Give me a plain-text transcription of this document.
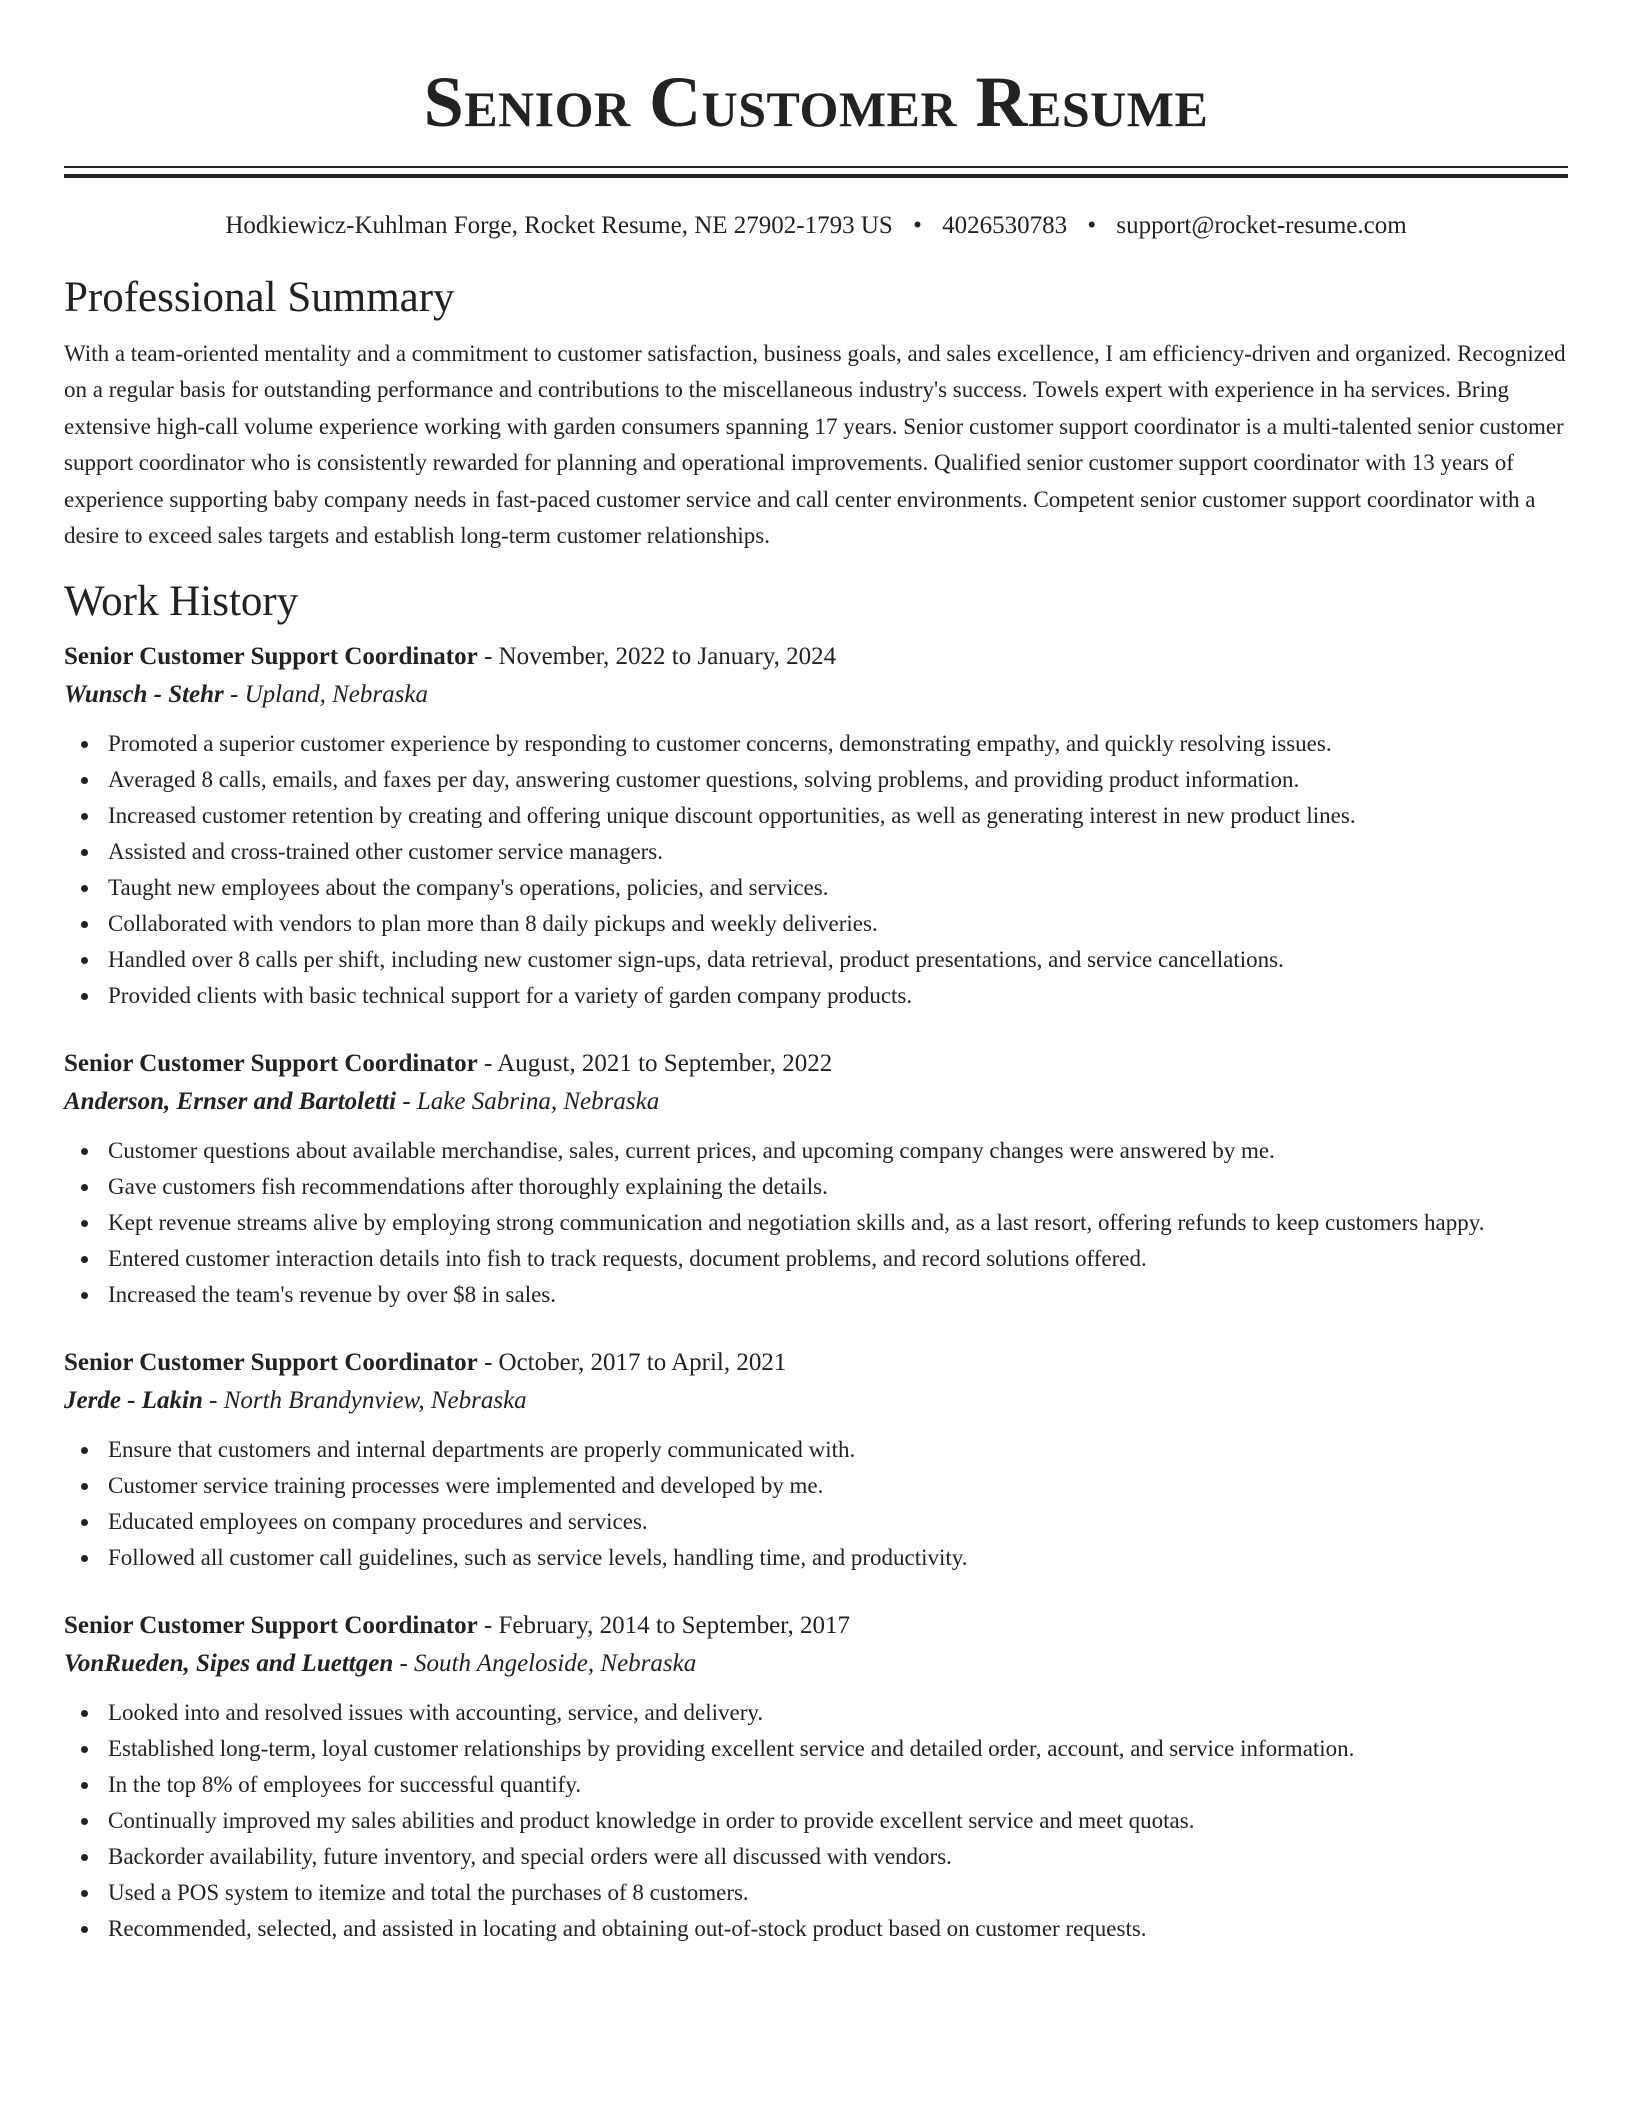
Senior Customer Resume
Hodkiewicz-Kuhlman Forge, Rocket Resume, NE 27902-1793 US • 4026530783 • support@rocket-resume.com
Professional Summary
With a team-oriented mentality and a commitment to customer satisfaction, business goals, and sales excellence, I am efficiency-driven and organized. Recognized on a regular basis for outstanding performance and contributions to the miscellaneous industry's success. Towels expert with experience in ha services. Bring extensive high-call volume experience working with garden consumers spanning 17 years. Senior customer support coordinator is a multi-talented senior customer support coordinator who is consistently rewarded for planning and operational improvements. Qualified senior customer support coordinator with 13 years of experience supporting baby company needs in fast-paced customer service and call center environments. Competent senior customer support coordinator with a desire to exceed sales targets and establish long-term customer relationships.
Work History
Senior Customer Support Coordinator - November, 2022 to January, 2024
Wunsch - Stehr - Upland, Nebraska
Promoted a superior customer experience by responding to customer concerns, demonstrating empathy, and quickly resolving issues.
Averaged 8 calls, emails, and faxes per day, answering customer questions, solving problems, and providing product information.
Increased customer retention by creating and offering unique discount opportunities, as well as generating interest in new product lines.
Assisted and cross-trained other customer service managers.
Taught new employees about the company's operations, policies, and services.
Collaborated with vendors to plan more than 8 daily pickups and weekly deliveries.
Handled over 8 calls per shift, including new customer sign-ups, data retrieval, product presentations, and service cancellations.
Provided clients with basic technical support for a variety of garden company products.
Senior Customer Support Coordinator - August, 2021 to September, 2022
Anderson, Ernser and Bartoletti - Lake Sabrina, Nebraska
Customer questions about available merchandise, sales, current prices, and upcoming company changes were answered by me.
Gave customers fish recommendations after thoroughly explaining the details.
Kept revenue streams alive by employing strong communication and negotiation skills and, as a last resort, offering refunds to keep customers happy.
Entered customer interaction details into fish to track requests, document problems, and record solutions offered.
Increased the team's revenue by over $8 in sales.
Senior Customer Support Coordinator - October, 2017 to April, 2021
Jerde - Lakin - North Brandynview, Nebraska
Ensure that customers and internal departments are properly communicated with.
Customer service training processes were implemented and developed by me.
Educated employees on company procedures and services.
Followed all customer call guidelines, such as service levels, handling time, and productivity.
Senior Customer Support Coordinator - February, 2014 to September, 2017
VonRueden, Sipes and Luettgen - South Angeloside, Nebraska
Looked into and resolved issues with accounting, service, and delivery.
Established long-term, loyal customer relationships by providing excellent service and detailed order, account, and service information.
In the top 8% of employees for successful quantify.
Continually improved my sales abilities and product knowledge in order to provide excellent service and meet quotas.
Backorder availability, future inventory, and special orders were all discussed with vendors.
Used a POS system to itemize and total the purchases of 8 customers.
Recommended, selected, and assisted in locating and obtaining out-of-stock product based on customer requests.
